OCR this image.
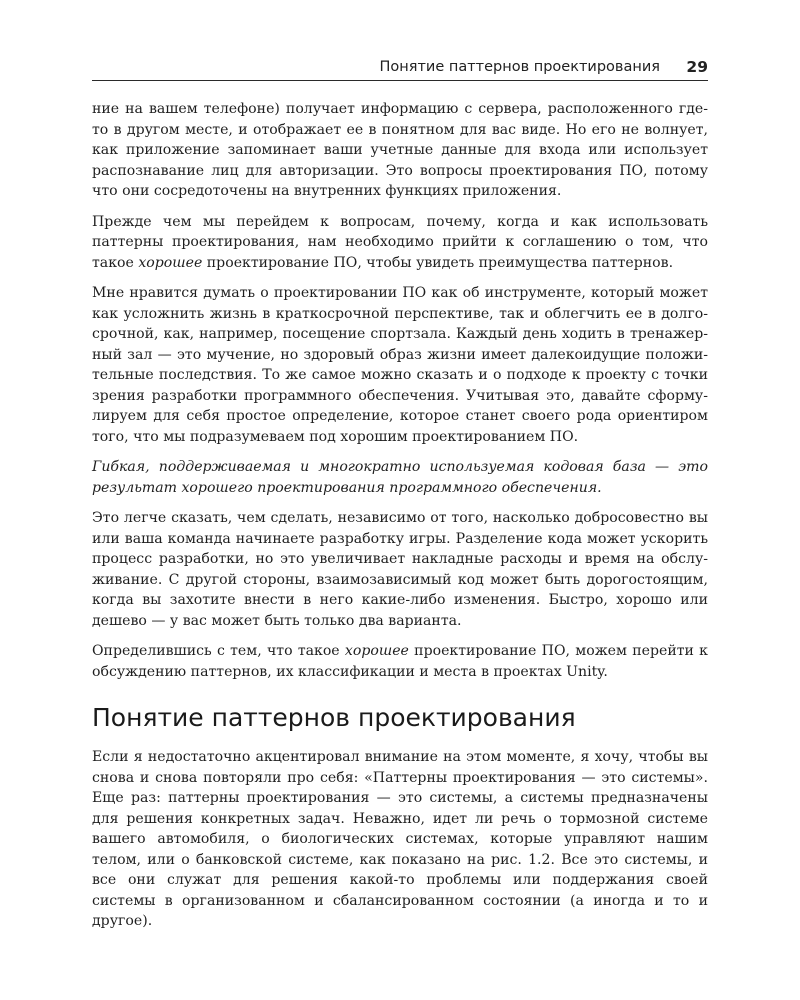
Понятие паттернов проектирования 29

ние на вашем телефоне) получает информацию с сервера, расположенного где-то в другом месте, и отображает ее в понятном для вас виде. Но его не волнует, как приложение запоминает ваши учетные данные для входа или использует распознавание лиц для авторизации. Это вопросы проектирования ПО, потому что они сосредоточены на внутренних функциях приложения.

Прежде чем мы перейдем к вопросам, почему, когда и как использовать паттерны проектирования, нам необходимо прийти к соглашению о том, что такое хорошее проектирование ПО, чтобы увидеть преимущества паттернов.

Мне нравится думать о проектировании ПО как об инструменте, который может как усложнить жизнь в краткосрочной перспективе, так и облегчить ее в долгосрочной, как, например, посещение спортзала. Каждый день ходить в тренажерный зал — это мучение, но здоровый образ жизни имеет далекоидущие положительные последствия. То же самое можно сказать и о подходе к проекту с точки зрения разработки программного обеспечения. Учитывая это, давайте сформулируем для себя простое определение, которое станет своего рода ориентиром того, что мы подразумеваем под хорошим проектированием ПО.

Гибкая, поддерживаемая и многократно используемая кодовая база — это результат хорошего проектирования программного обеспечения.

Это легче сказать, чем сделать, независимо от того, насколько добросовестно вы или ваша команда начинаете разработку игры. Разделение кода может ускорить процесс разработки, но это увеличивает накладные расходы и время на обслуживание. С другой стороны, взаимозависимый код может быть дорогостоящим, когда вы захотите внести в него какие-либо изменения. Быстро, хорошо или дешево — у вас может быть только два варианта.

Определившись с тем, что такое хорошее проектирование ПО, можем перейти к обсуждению паттернов, их классификации и места в проектах Unity.

Понятие паттернов проектирования

Если я недостаточно акцентировал внимание на этом моменте, я хочу, чтобы вы снова и снова повторяли про себя: «Паттерны проектирования — это системы». Еще раз: паттерны проектирования — это системы, а системы предназначены для решения конкретных задач. Неважно, идет ли речь о тормозной системе вашего автомобиля, о биологических системах, которые управляют нашим телом, или о банковской системе, как показано на рис. 1.2. Все это системы, и все они служат для решения какой-то проблемы или поддержания своей системы в организованном и сбалансированном состоянии (а иногда и то и другое).
